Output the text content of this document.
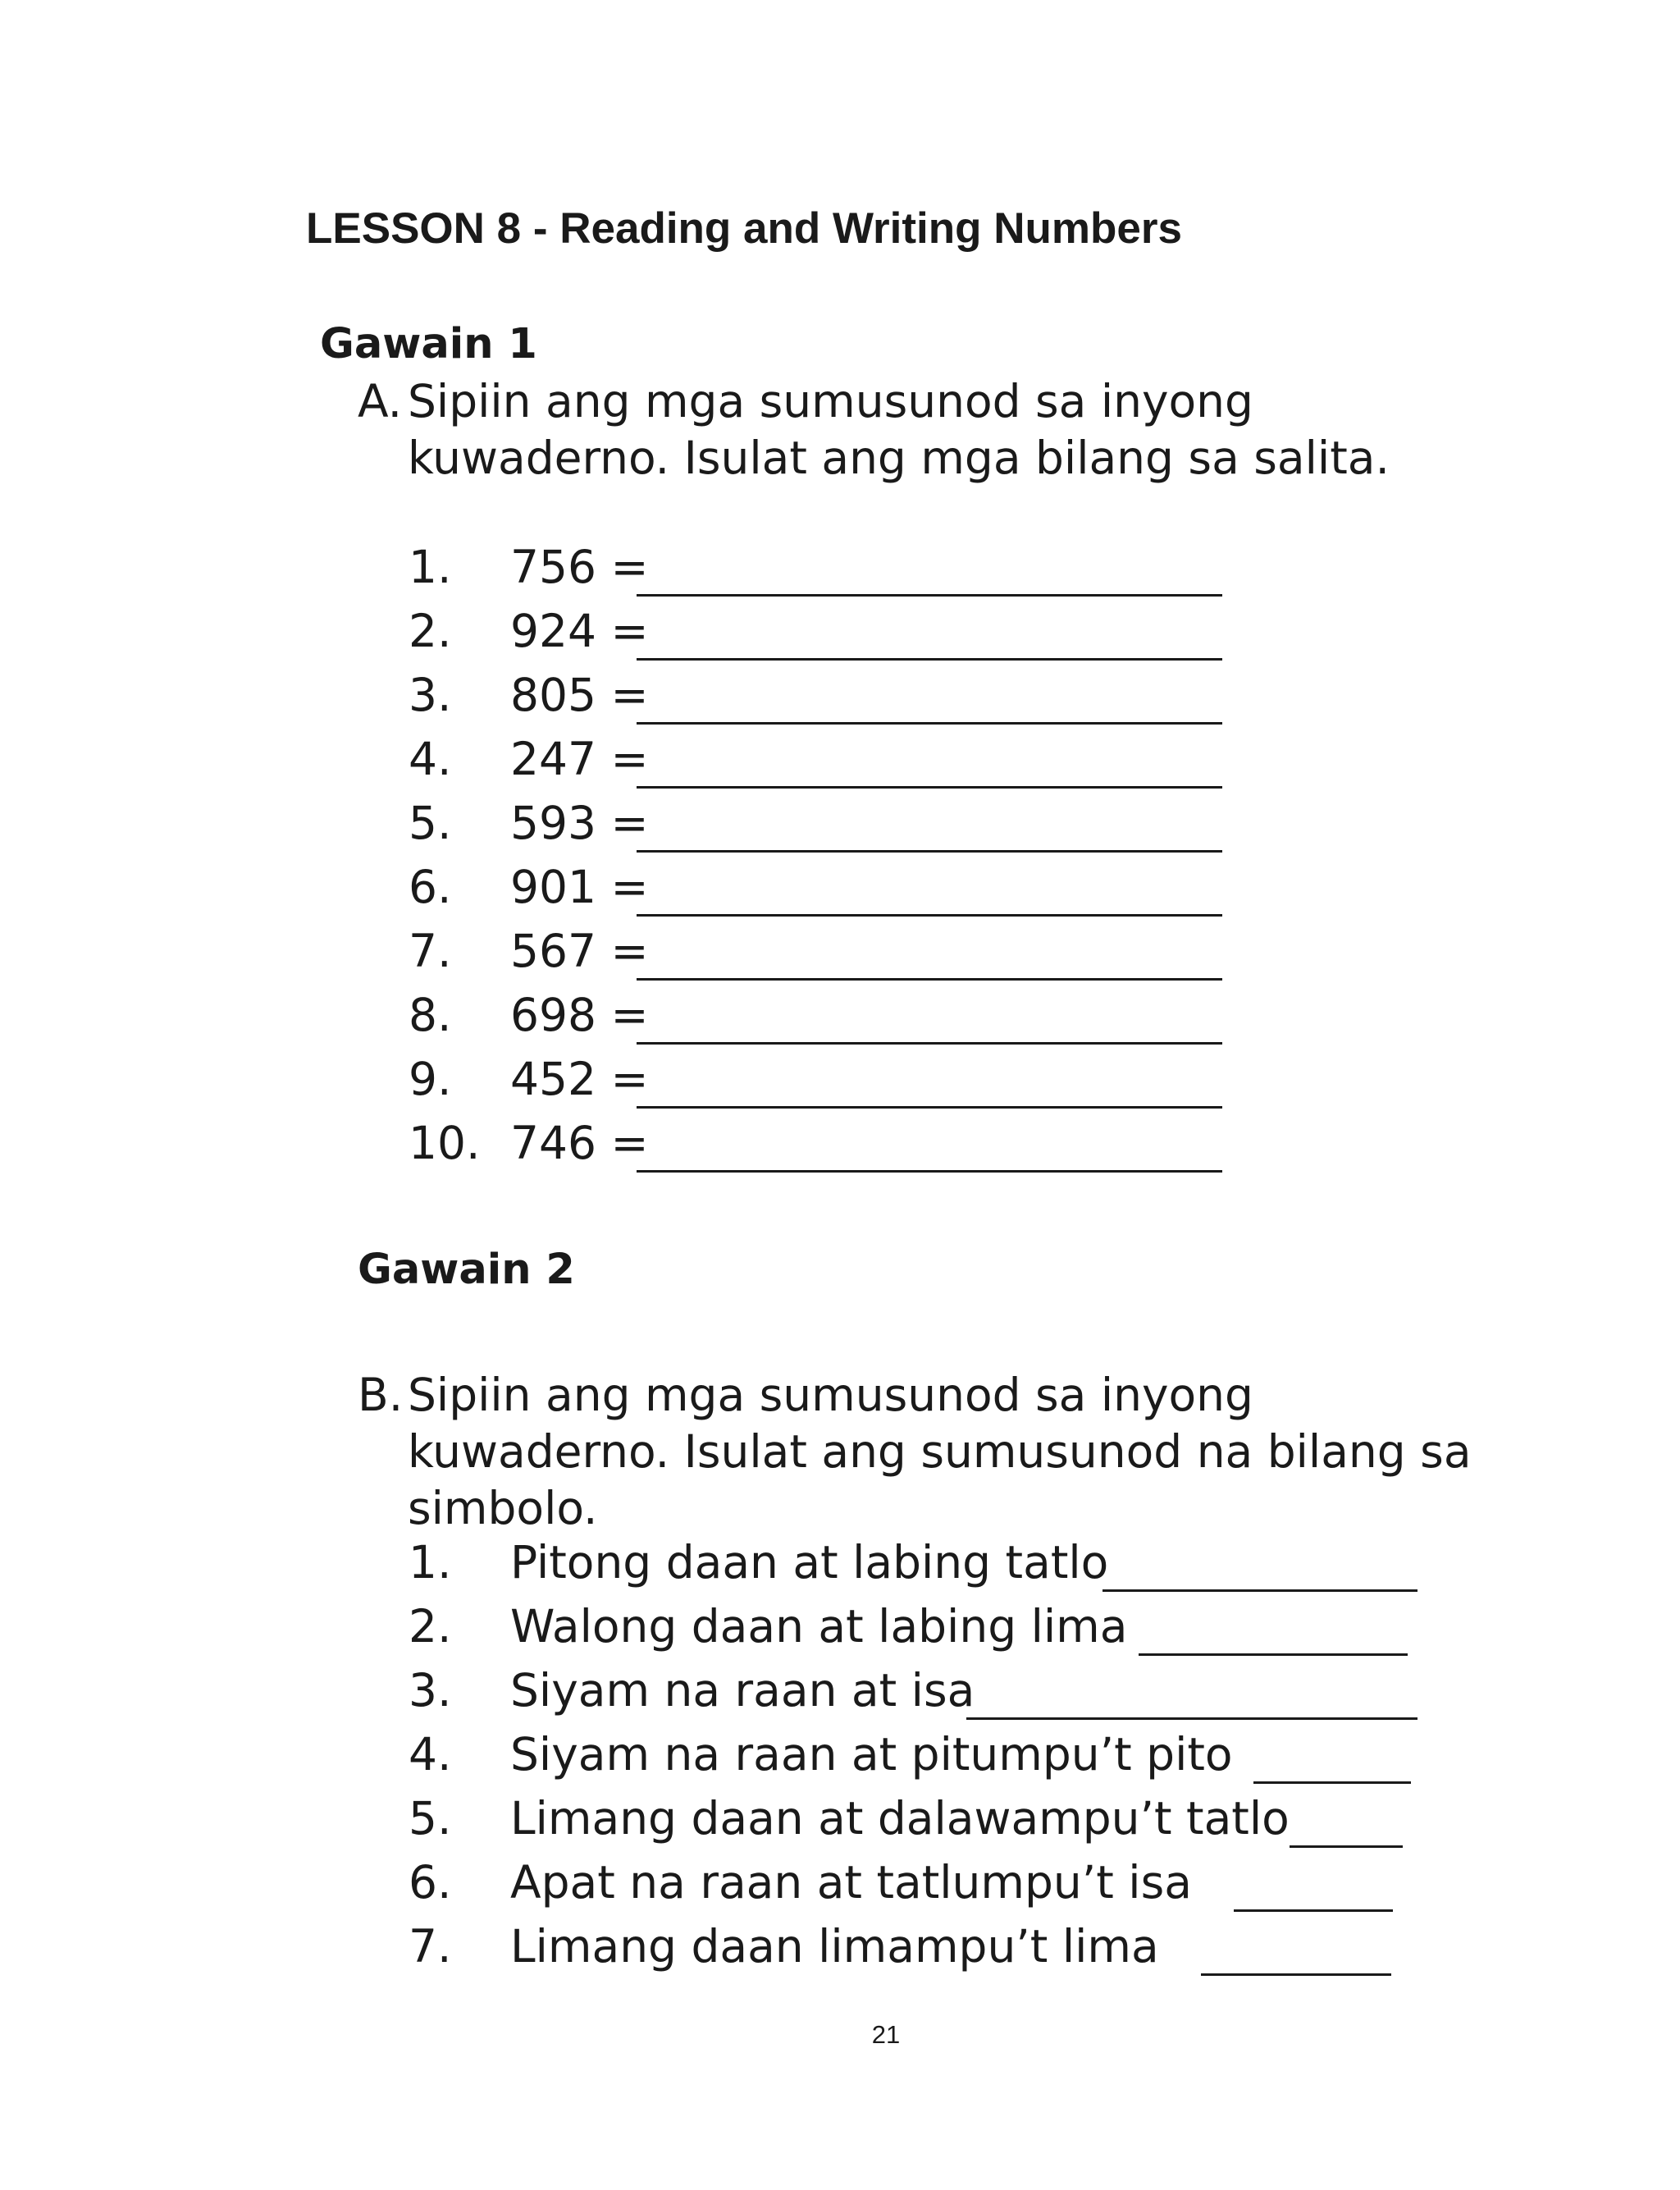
LESSON 8 - Reading and Writing Numbers
Gawain 1
A. Sipiin ang mga sumusunod sa inyong
kuwaderno. Isulat ang mga bilang sa salita.
1. 756 =
2. 924 =
3. 805 =
4. 247 =
5. 593 =
6. 901 =
7. 567 =
8. 698 =
9. 452 =
10. 746 =
Gawain 2
B. Sipiin ang mga sumusunod sa inyong
kuwaderno. Isulat ang sumusunod na bilang sa
simbolo.
1. Pitong daan at labing tatlo
2. Walong daan at labing lima
3. Siyam na raan at isa
4. Siyam na raan at pitumpu’t pito
5. Limang daan at dalawampu’t tatlo
6. Apat na raan at tatlumpu’t isa
7. Limang daan limampu’t lima
21
